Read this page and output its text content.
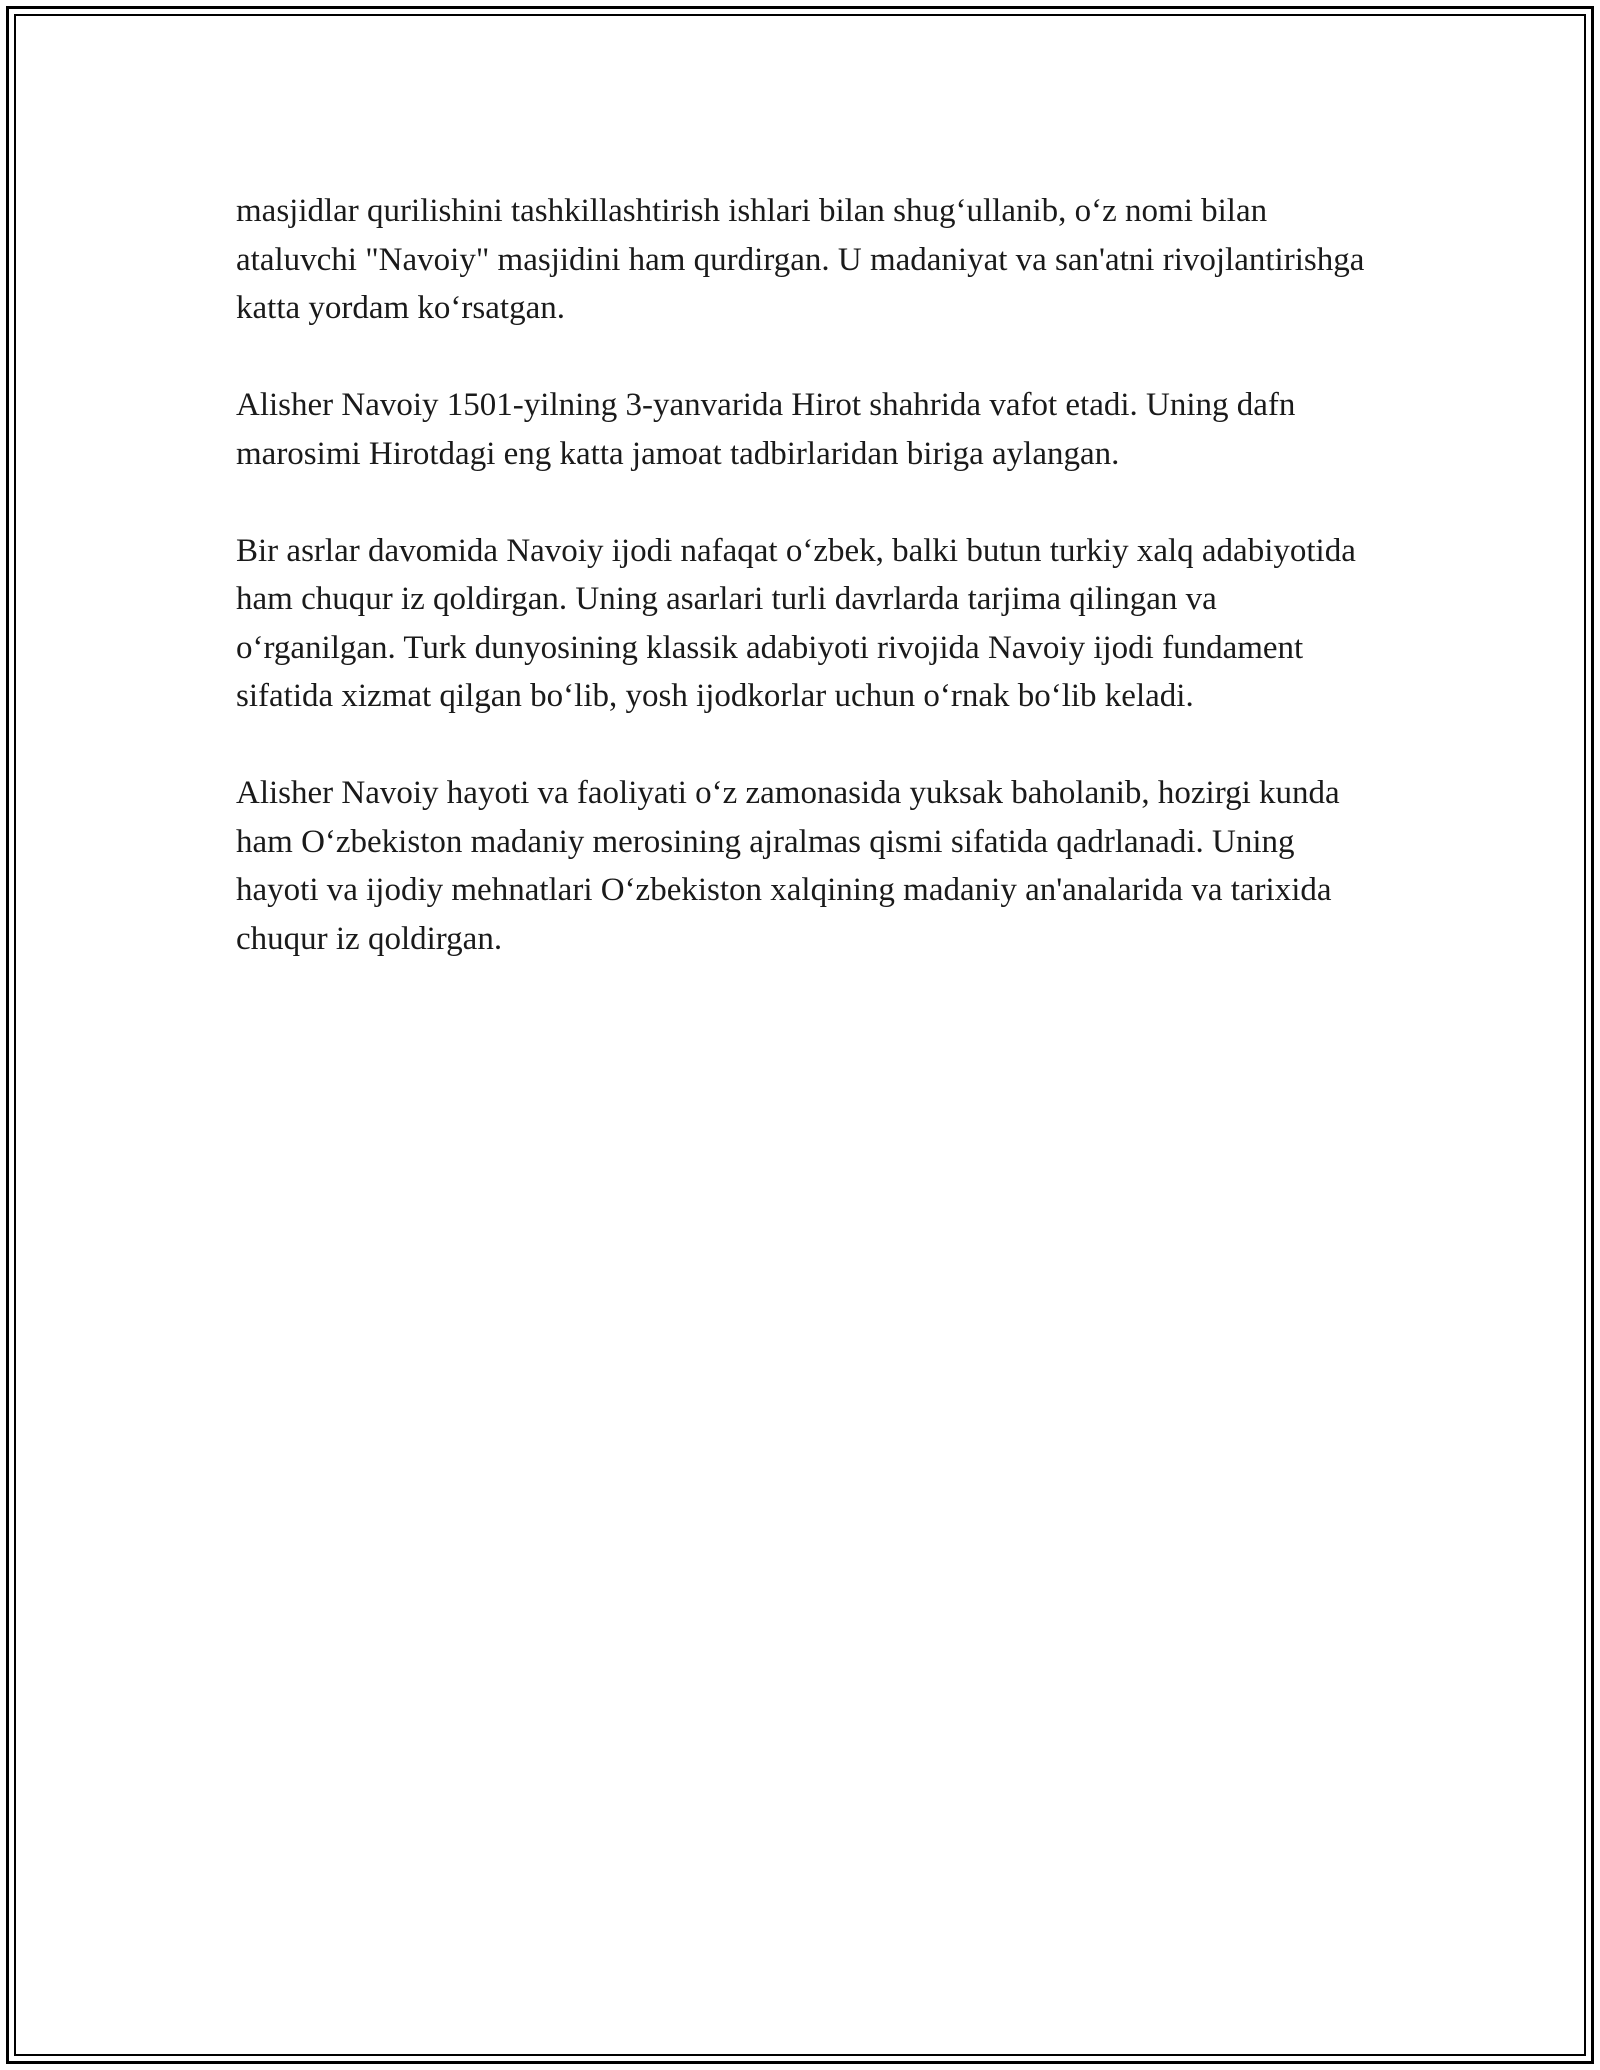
masjidlar qurilishini tashkillashtirish ishlari bilan shug‘ullanib, o‘z nomi bilan ataluvchi "Navoiy" masjidini ham qurdirgan. U madaniyat va san'atni rivojlantirishga katta yordam ko‘rsatgan.

Alisher Navoiy 1501-yilning 3-yanvarida Hirot shahrida vafot etadi. Uning dafn marosimi Hirotdagi eng katta jamoat tadbirlaridan biriga aylangan.

Bir asrlar davomida Navoiy ijodi nafaqat o‘zbek, balki butun turkiy xalq adabiyotida ham chuqur iz qoldirgan. Uning asarlari turli davrlarda tarjima qilingan va o‘rganilgan. Turk dunyosining klassik adabiyoti rivojida Navoiy ijodi fundament sifatida xizmat qilgan bo‘lib, yosh ijodkorlar uchun o‘rnak bo‘lib keladi.

Alisher Navoiy hayoti va faoliyati o‘z zamonasida yuksak baholanib, hozirgi kunda ham O‘zbekiston madaniy merosining ajralmas qismi sifatida qadrlanadi. Uning hayoti va ijodiy mehnatlari O‘zbekiston xalqining madaniy an'analarida va tarixida chuqur iz qoldirgan.
